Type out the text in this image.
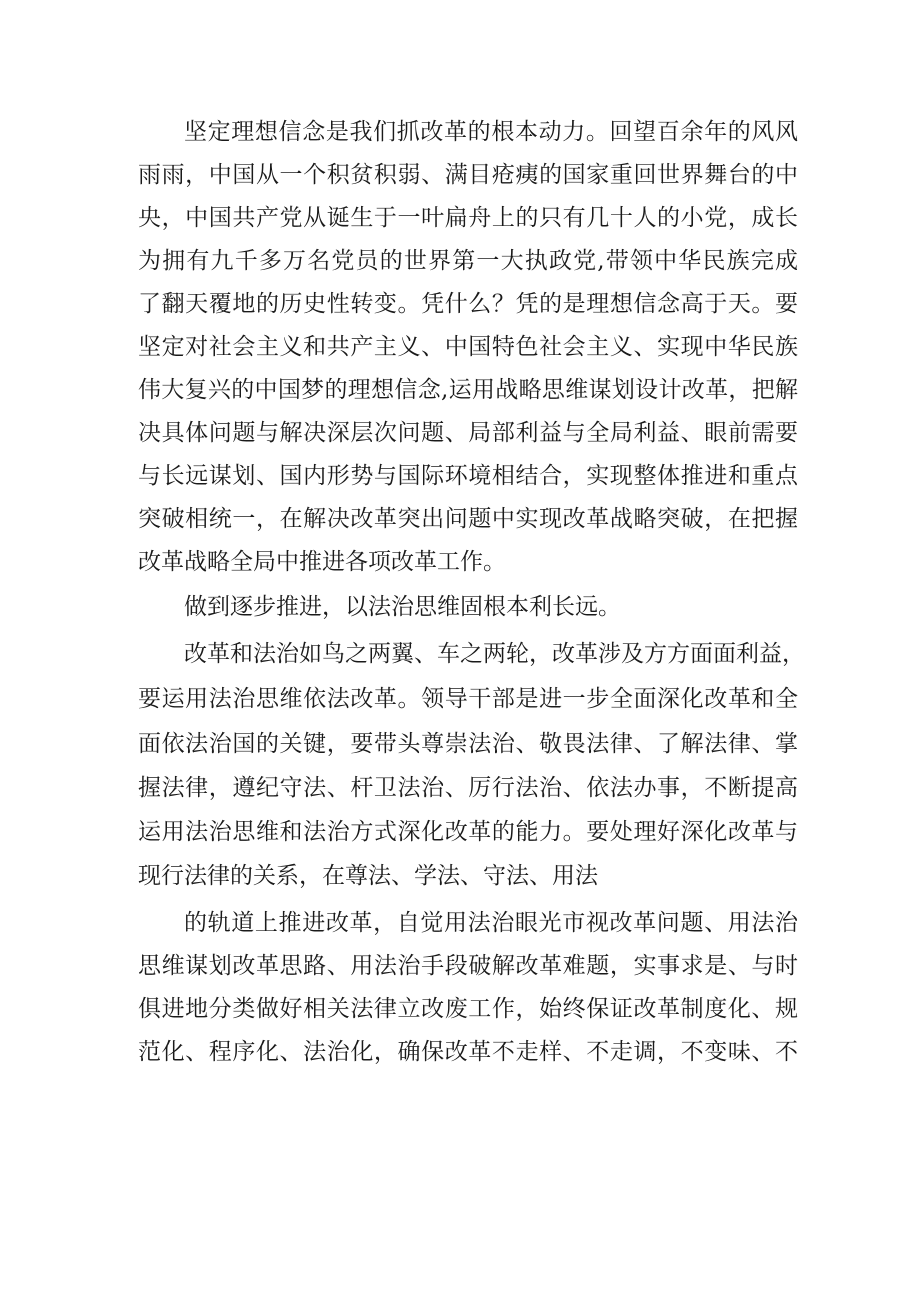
坚定理想信念是我们抓改革的根本动力。回望百余年的风风
雨雨，中国从一个积贫积弱、满目疮痍的国家重回世界舞台的中
央，中国共产党从诞生于一叶扁舟上的只有几十人的小党，成长
为拥有九千多万名党员的世界第一大执政党,带领中华民族完成
了翻天覆地的历史性转变。凭什么？凭的是理想信念高于天。要
坚定对社会主义和共产主义、中国特色社会主义、实现中华民族
伟大复兴的中国梦的理想信念,运用战略思维谋划设计改革，把解
决具体问题与解决深层次问题、局部利益与全局利益、眼前需要
与长远谋划、国内形势与国际环境相结合，实现整体推进和重点
突破相统一，在解决改革突出问题中实现改革战略突破，在把握
改革战略全局中推进各项改革工作。
做到逐步推进，以法治思维固根本利长远。
改革和法治如鸟之两翼、车之两轮，改革涉及方方面面利益，
要运用法治思维依法改革。领导干部是进一步全面深化改革和全
面依法治国的关键，要带头尊崇法治、敬畏法律、了解法律、掌
握法律，遵纪守法、杆卫法治、厉行法治、依法办事，不断提高
运用法治思维和法治方式深化改革的能力。要处理好深化改革与
现行法律的关系，在尊法、学法、守法、用法
的轨道上推进改革，自觉用法治眼光市视改革问题、用法治
思维谋划改革思路、用法治手段破解改革难题，实事求是、与时
俱进地分类做好相关法律立改废工作，始终保证改革制度化、规
范化、程序化、法治化，确保改革不走样、不走调，不变味、不
